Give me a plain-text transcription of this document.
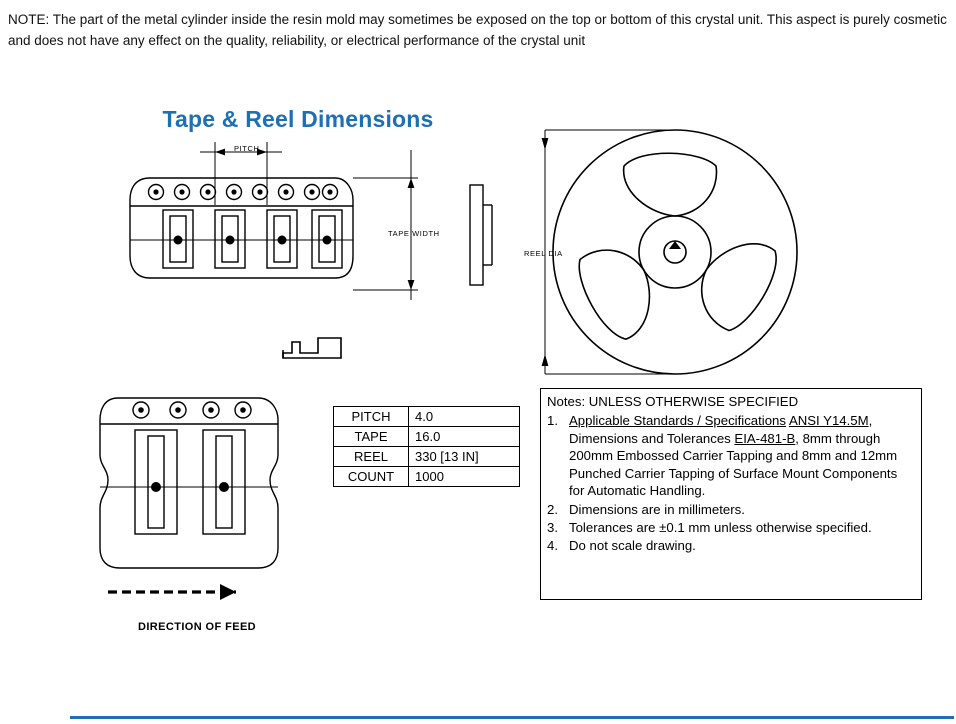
NOTE: The part of the metal cylinder inside the resin mold may sometimes be exposed on the top or bottom of this crystal unit. This aspect is purely cosmetic and does not have any effect on the quality, reliability, or electrical performance of the crystal unit
Tape & Reel Dimensions
PITCH
TAPE WIDTH
REEL DIA
DIRECTION OF FEED
PITCH	4.0
TAPE	16.0
REEL	330 [13 IN]
COUNT	1000
Notes: UNLESS OTHERWISE SPECIFIED
1. Applicable Standards / Specifications ANSI Y14.5M, Dimensions and Tolerances EIA-481-B, 8mm through 200mm Embossed Carrier Tapping and 8mm and 12mm Punched Carrier Tapping of Surface Mount Components for Automatic Handling.
2. Dimensions are in millimeters.
3. Tolerances are ±0.1 mm unless otherwise specified.
4. Do not scale drawing.
